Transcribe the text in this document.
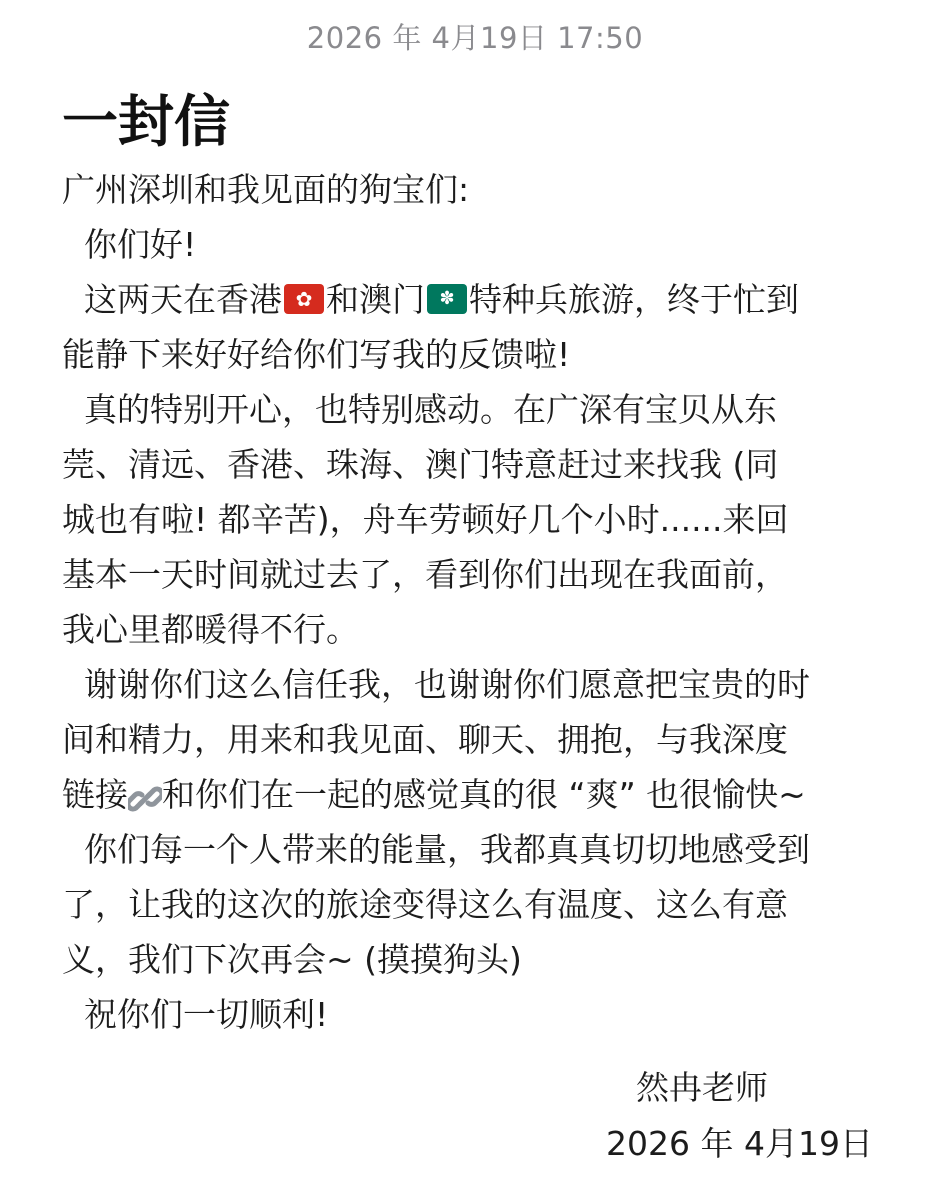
2026 年 4月19日 17:50
一封信
广州深圳和我见面的狗宝们:
你们好!
这两天在香港 ✿ 和澳门 ✽ 特种兵旅游，终于忙到
能静下来好好给你们写我的反馈啦!
真的特别开心，也特别感动。在广深有宝贝从东
莞、清远、香港、珠海、澳门特意赶过来找我 (同
城也有啦! 都辛苦)，舟车劳顿好几个小时......来回
基本一天时间就过去了，看到你们出现在我面前，
我心里都暖得不行。
谢谢你们这么信任我，也谢谢你们愿意把宝贵的时
间和精力，用来和我见面、聊天、拥抱，与我深度
链接 和你们在一起的感觉真的很 “爽” 也很愉快~
你们每一个人带来的能量，我都真真切切地感受到
了，让我的这次的旅途变得这么有温度、这么有意
义，我们下次再会~ (摸摸狗头)
祝你们一切顺利!
然冉老师
2026 年 4月19日
